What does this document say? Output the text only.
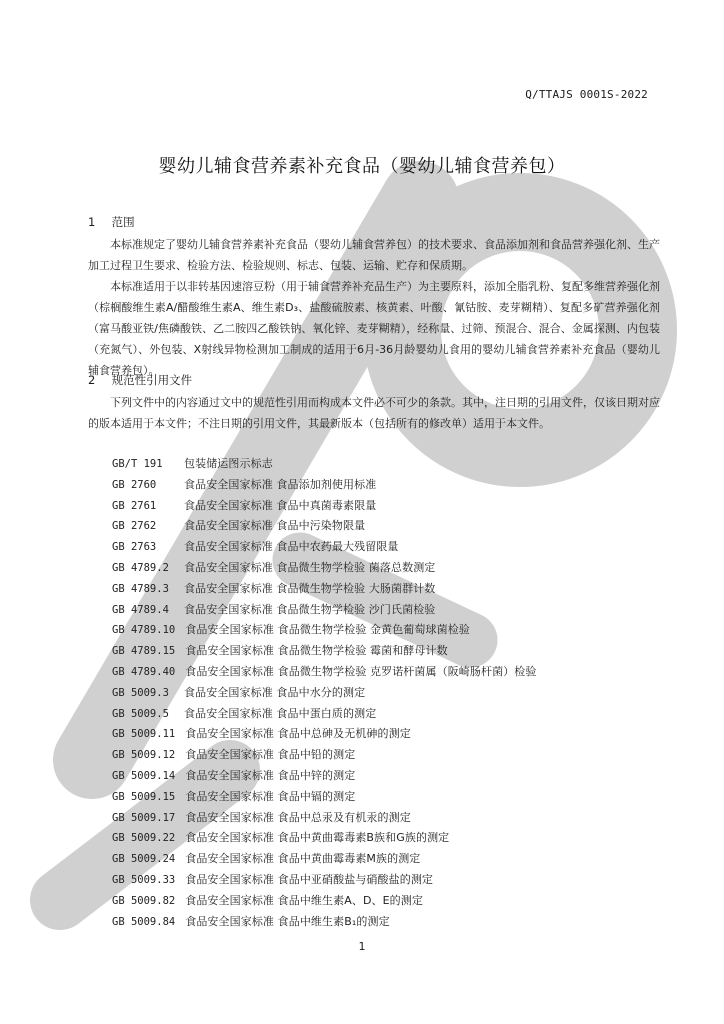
Q/TTAJS 0001S-2022
婴幼儿辅食营养素补充食品（婴幼儿辅食营养包）
1 范围
本标准规定了婴幼儿辅食营养素补充食品（婴幼儿辅食营养包）的技术要求、食品添加剂和食品营养强化剂、生产加工过程卫生要求、检验方法、检验规则、标志、包装、运输、贮存和保质期。
本标准适用于以非转基因速溶豆粉（用于辅食营养补充品生产）为主要原料，添加全脂乳粉、复配多维营养强化剂（棕榈酸维生素A/醋酸维生素A、维生素D₃、盐酸硫胺素、核黄素、叶酸、氰钴胺、麦芽糊精）、复配多矿营养强化剂（富马酸亚铁/焦磷酸铁、乙二胺四乙酸铁钠、氧化锌、麦芽糊精），经称量、过筛、预混合、混合、金属探测、内包装（充氮气）、外包装、X射线异物检测加工制成的适用于6月-36月龄婴幼儿食用的婴幼儿辅食营养素补充食品（婴幼儿辅食营养包）。
2 规范性引用文件
下列文件中的内容通过文中的规范性引用而构成本文件必不可少的条款。其中，注日期的引用文件，仅该日期对应的版本适用于本文件；不注日期的引用文件，其最新版本（包括所有的修改单）适用于本文件。
GB/T 191 包装储运图示标志
GB 2760	食品安全国家标准 食品添加剂使用标准
GB 2761	食品安全国家标准 食品中真菌毒素限量
GB 2762	食品安全国家标准 食品中污染物限量
GB 2763	食品安全国家标准 食品中农药最大残留限量
GB 4789.2 食品安全国家标准 食品微生物学检验 菌落总数测定
GB 4789.3 食品安全国家标准 食品微生物学检验 大肠菌群计数
GB 4789.4 食品安全国家标准 食品微生物学检验 沙门氏菌检验
GB 4789.10 食品安全国家标准 食品微生物学检验 金黄色葡萄球菌检验
GB 4789.15 食品安全国家标准 食品微生物学检验 霉菌和酵母计数
GB 4789.40 食品安全国家标准 食品微生物学检验 克罗诺杆菌属（阪崎肠杆菌）检验
GB 5009.3 食品安全国家标准 食品中水分的测定
GB 5009.5 食品安全国家标准 食品中蛋白质的测定
GB 5009.11 食品安全国家标准 食品中总砷及无机砷的测定
GB 5009.12 食品安全国家标准 食品中铅的测定
GB 5009.14 食品安全国家标准 食品中锌的测定
GB 5009.15 食品安全国家标准 食品中镉的测定
GB 5009.17 食品安全国家标准 食品中总汞及有机汞的测定
GB 5009.22 食品安全国家标准 食品中黄曲霉毒素B族和G族的测定
GB 5009.24 食品安全国家标准 食品中黄曲霉毒素M族的测定
GB 5009.33 食品安全国家标准 食品中亚硝酸盐与硝酸盐的测定
GB 5009.82 食品安全国家标准 食品中维生素A、D、E的测定
GB 5009.84 食品安全国家标准 食品中维生素B₁的测定
1
